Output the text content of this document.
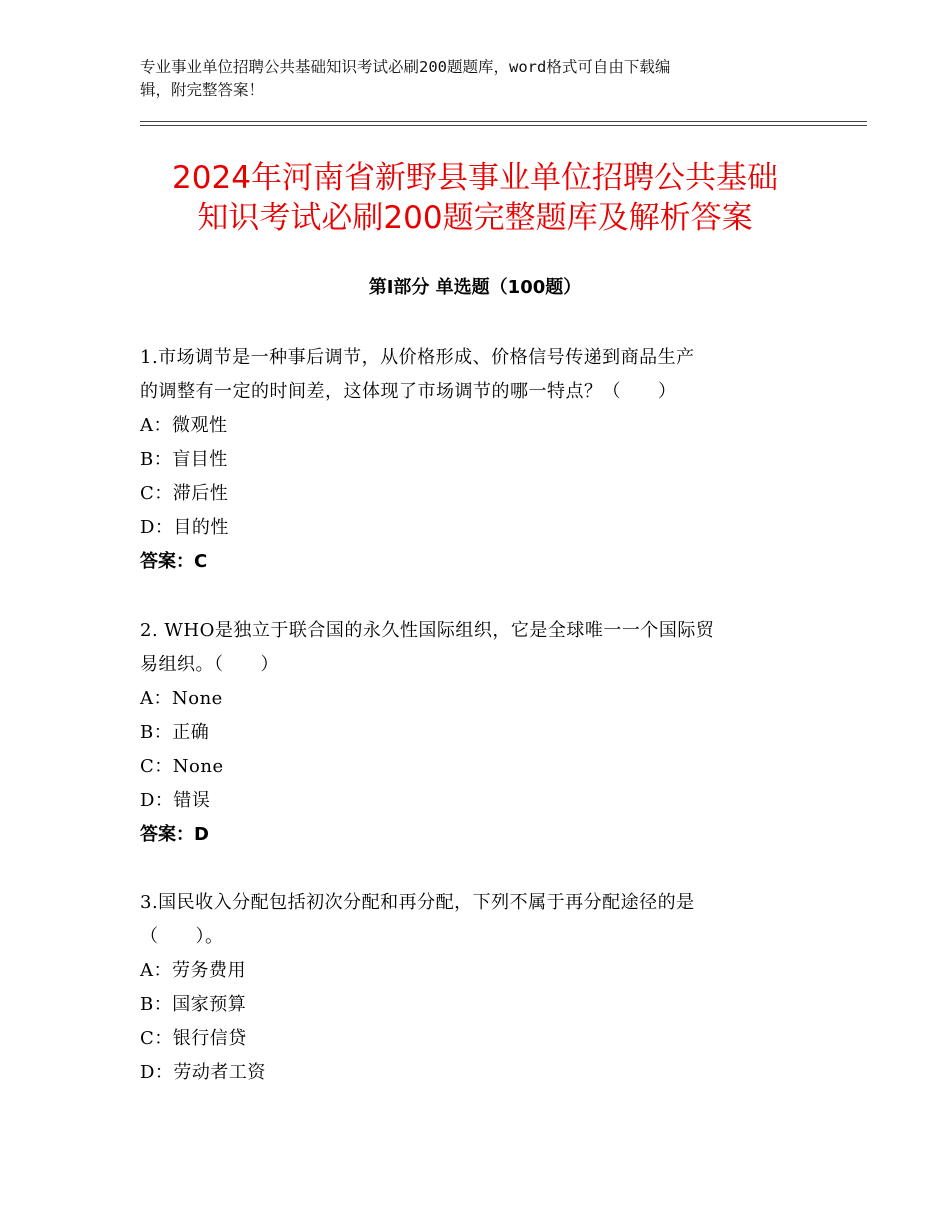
专业事业单位招聘公共基础知识考试必刷200题题库，word格式可自由下载编
辑，附完整答案！
2024年河南省新野县事业单位招聘公共基础
知识考试必刷200题完整题库及解析答案
第Ⅰ部分 单选题（100题）
1.市场调节是一种事后调节，从价格形成、价格信号传递到商品生产
的调整有一定的时间差，这体现了市场调节的哪一特点？（　　）
A：微观性
B：盲目性
C：滞后性
D：目的性
答案：C
2. WHO是独立于联合国的永久性国际组织，它是全球唯一一个国际贸
易组织。（　　）
A：None
B：正确
C：None
D：错误
答案：D
3.国民收入分配包括初次分配和再分配，下列不属于再分配途径的是
（　　）。
A：劳务费用
B：国家预算
C：银行信贷
D：劳动者工资
